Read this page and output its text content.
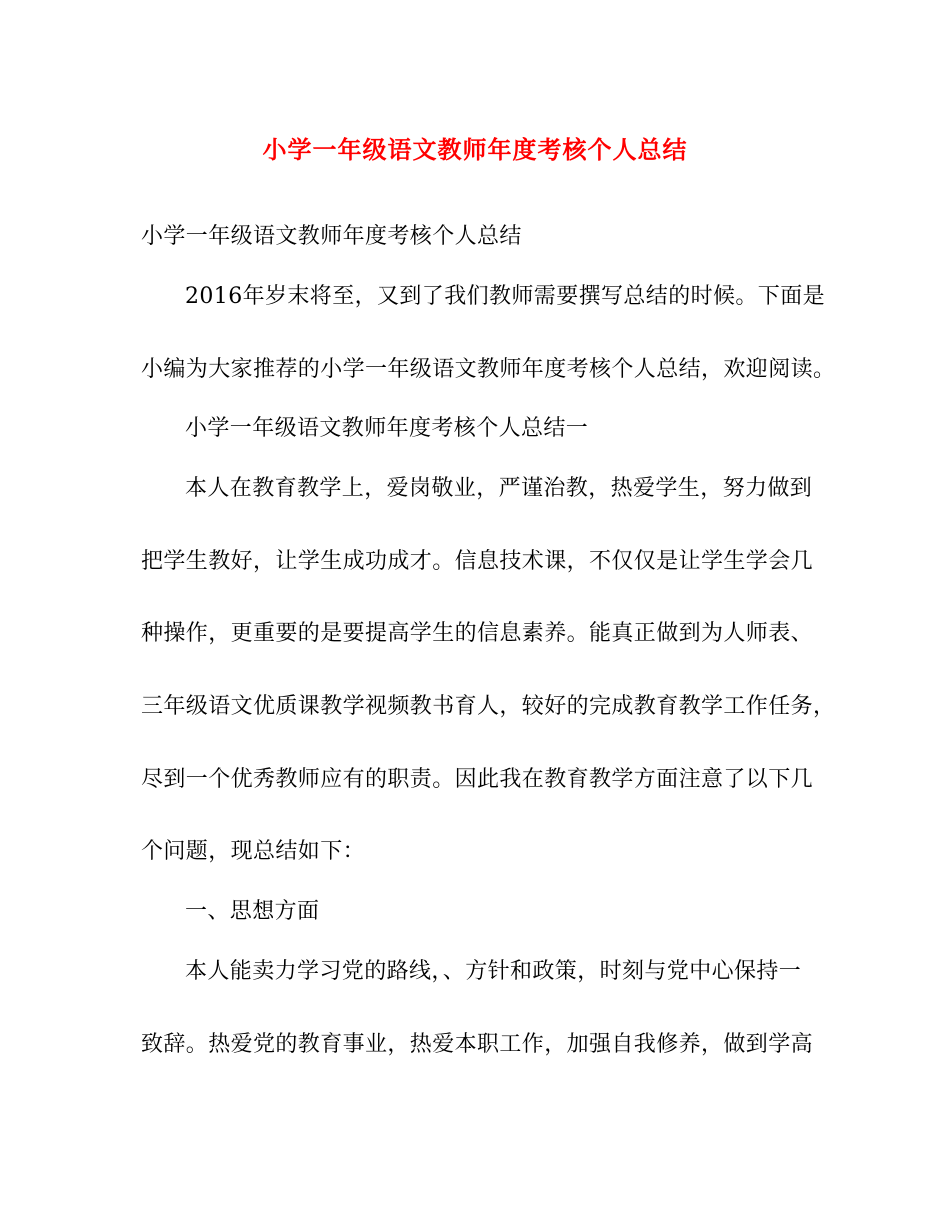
小学一年级语文教师年度考核个人总结
小学一年级语文教师年度考核个人总结
2016年岁末将至，又到了我们教师需要撰写总结的时候。下面是
小编为大家推荐的小学一年级语文教师年度考核个人总结，欢迎阅读。
小学一年级语文教师年度考核个人总结一
本人在教育教学上，爱岗敬业，严谨治教，热爱学生，努力做到
把学生教好，让学生成功成才。信息技术课，不仅仅是让学生学会几
种操作，更重要的是要提高学生的信息素养。能真正做到为人师表、
三年级语文优质课教学视频教书育人，较好的完成教育教学工作任务，
尽到一个优秀教师应有的职责。因此我在教育教学方面注意了以下几
个问题，现总结如下：
一、思想方面
本人能卖力学习党的路线，、方针和政策，时刻与党中心保持一
致辞。热爱党的教育事业，热爱本职工作，加强自我修养，做到学高
